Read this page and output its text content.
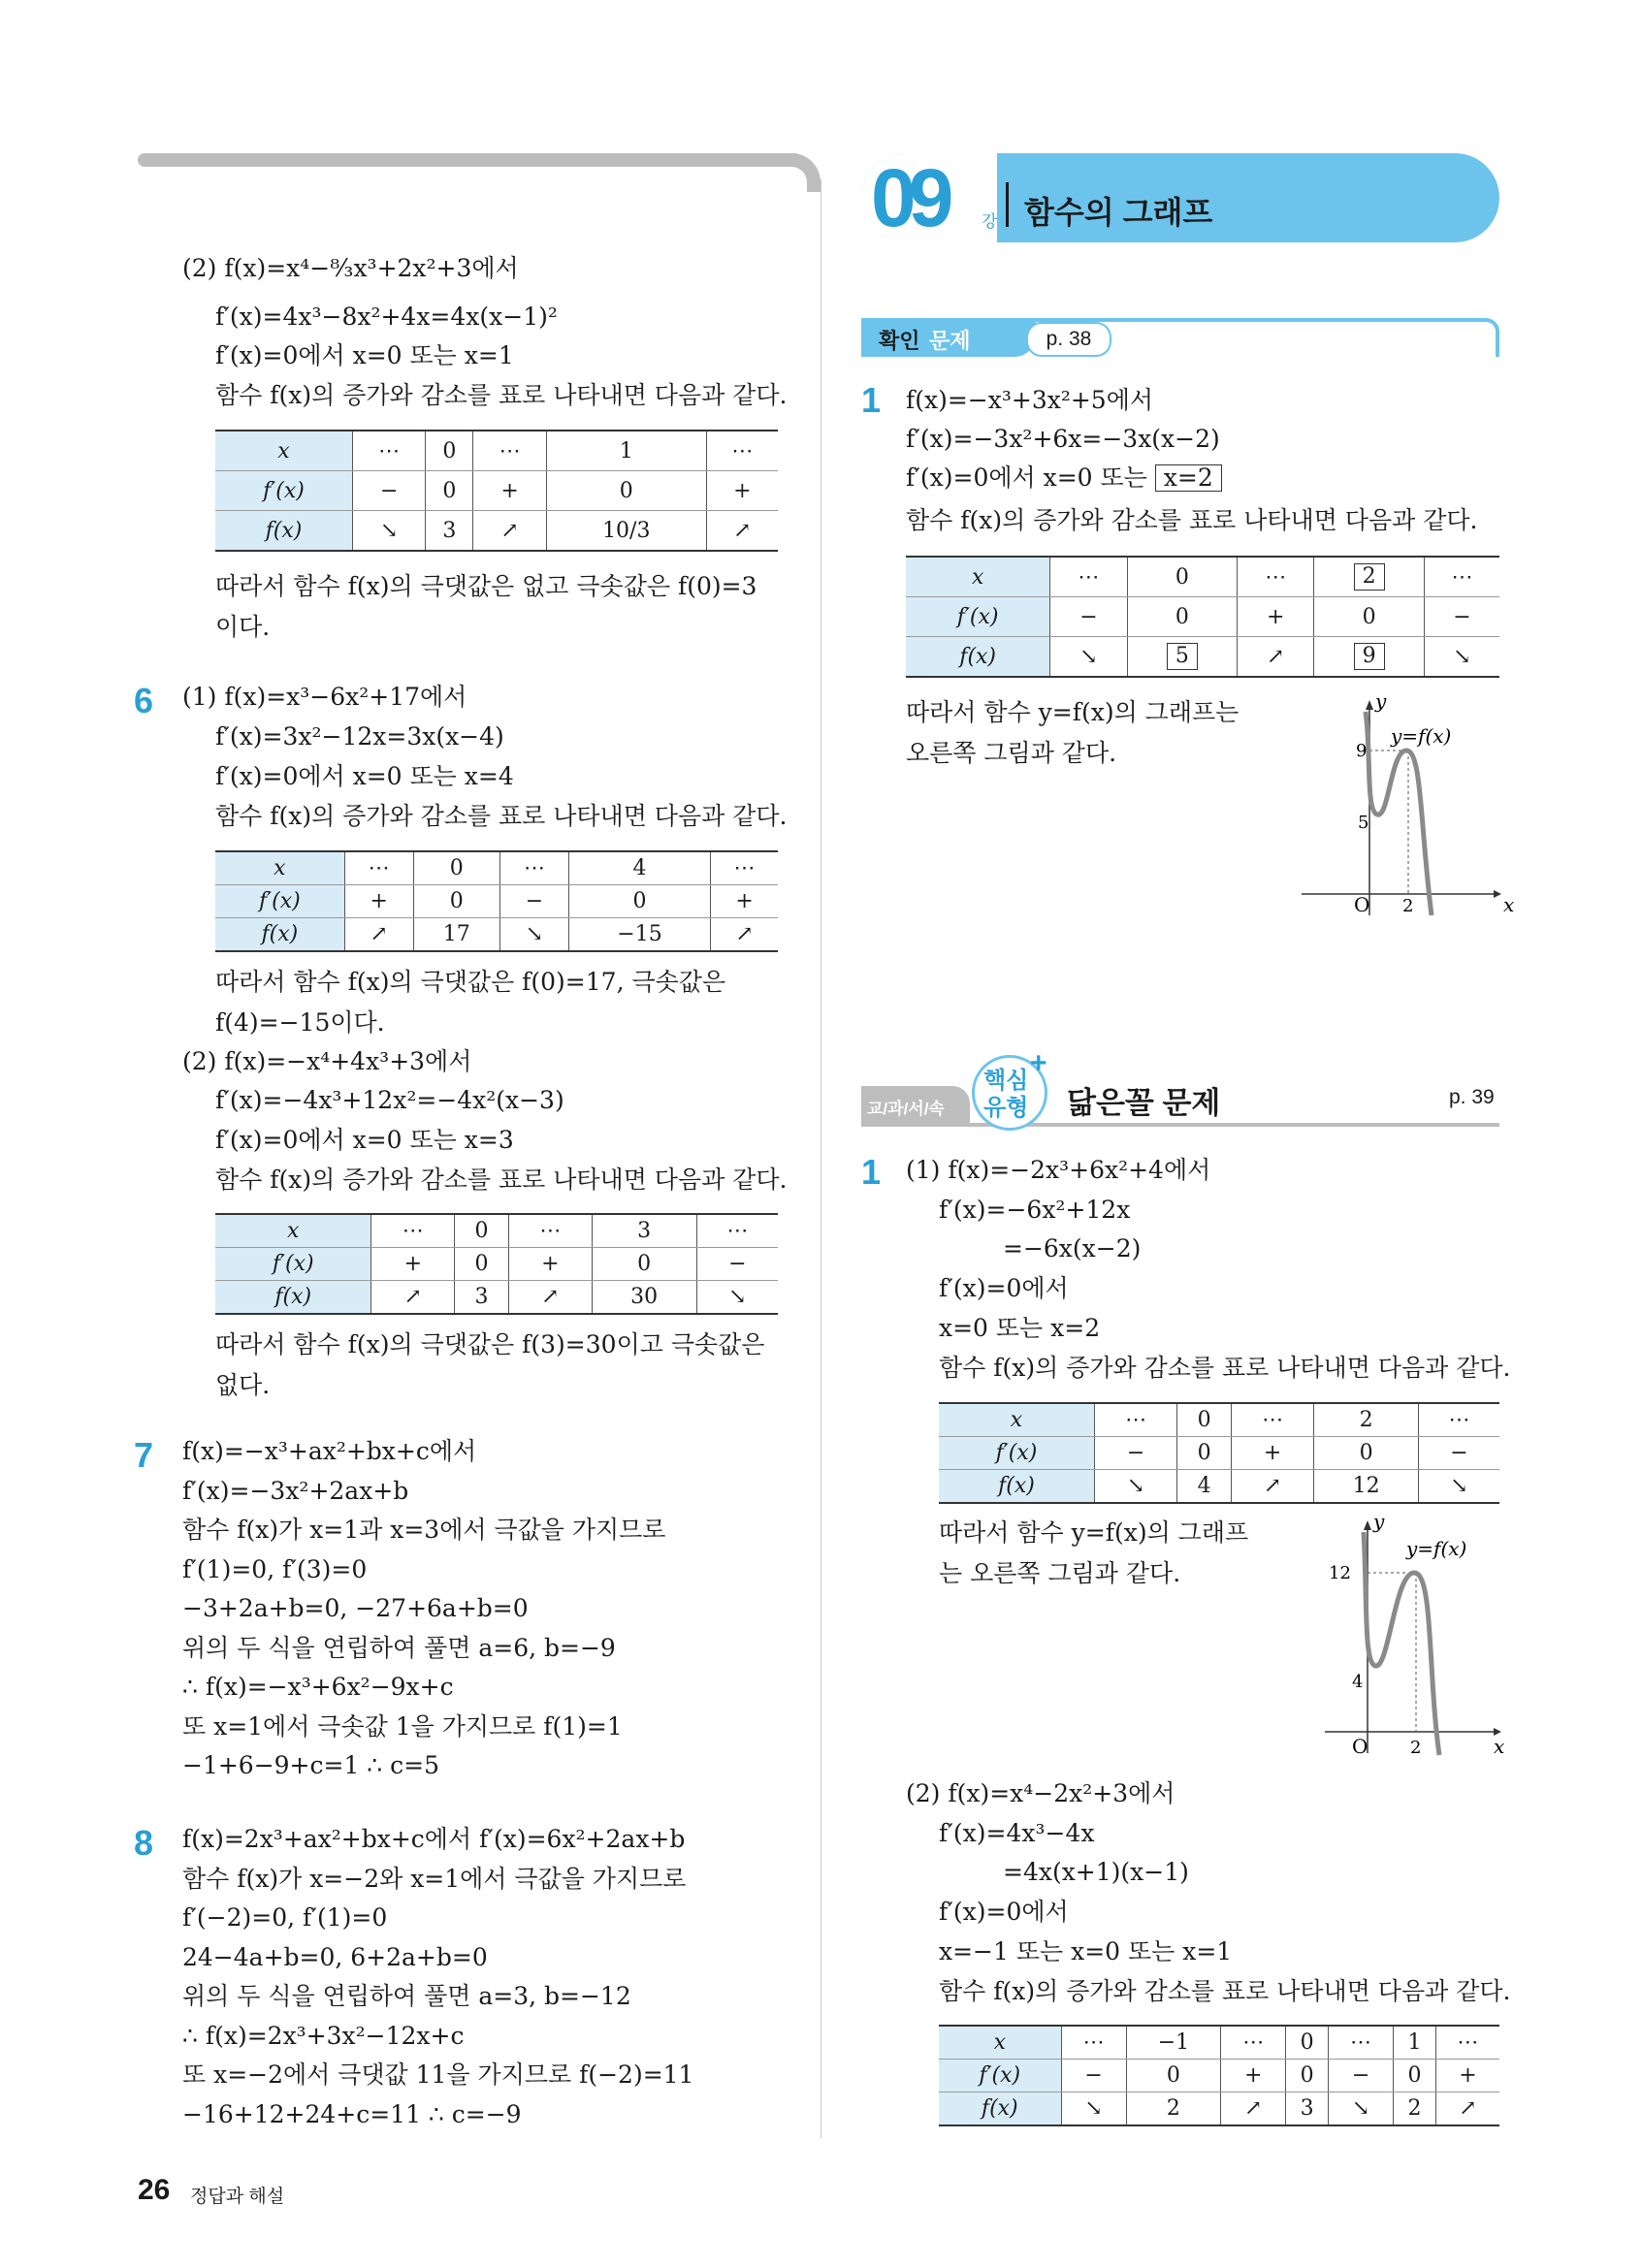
(2) f(x)=x⁴−⁸⁄₃x³+2x²+3에서
f′(x)=4x³−8x²+4x=4x(x−1)²
f′(x)=0에서 x=0 또는 x=1
함수 f(x)의 증가와 감소를 표로 나타내면 다음과 같다.
x	⋯	0	⋯	1	⋯
f′(x)	−	0	+	0	+
f(x)	↘	3	↗	10/3	↗
따라서 함수 f(x)의 극댓값은 없고 극솟값은 f(0)=3
이다.
6 (1) f(x)=x³−6x²+17에서
f′(x)=3x²−12x=3x(x−4)
f′(x)=0에서 x=0 또는 x=4
함수 f(x)의 증가와 감소를 표로 나타내면 다음과 같다.
x	⋯	0	⋯	4	⋯
f′(x)	+	0	−	0	+
f(x)	↗	17	↘	−15	↗
따라서 함수 f(x)의 극댓값은 f(0)=17, 극솟값은
f(4)=−15이다.
(2) f(x)=−x⁴+4x³+3에서
f′(x)=−4x³+12x²=−4x²(x−3)
f′(x)=0에서 x=0 또는 x=3
함수 f(x)의 증가와 감소를 표로 나타내면 다음과 같다.
x	⋯	0	⋯	3	⋯
f′(x)	+	0	+	0	−
f(x)	↗	3	↗	30	↘
따라서 함수 f(x)의 극댓값은 f(3)=30이고 극솟값은
없다.
7 f(x)=−x³+ax²+bx+c에서
f′(x)=−3x²+2ax+b
함수 f(x)가 x=1과 x=3에서 극값을 가지므로
f′(1)=0, f′(3)=0
−3+2a+b=0, −27+6a+b=0
위의 두 식을 연립하여 풀면 a=6, b=−9
∴ f(x)=−x³+6x²−9x+c
또 x=1에서 극솟값 1을 가지므로 f(1)=1
−1+6−9+c=1 ∴ c=5
8 f(x)=2x³+ax²+bx+c에서 f′(x)=6x²+2ax+b
함수 f(x)가 x=−2와 x=1에서 극값을 가지므로
f′(−2)=0, f′(1)=0
24−4a+b=0, 6+2a+b=0
위의 두 식을 연립하여 풀면 a=3, b=−12
∴ f(x)=2x³+3x²−12x+c
또 x=−2에서 극댓값 11을 가지므로 f(−2)=11
−16+12+24+c=11 ∴ c=−9
26 정답과 해설
09 강 함수의 그래프
확인 문제	p. 38
1 f(x)=−x³+3x²+5에서
f′(x)=−3x²+6x=−3x(x−2)
f′(x)=0에서 x=0 또는 x=2
함수 f(x)의 증가와 감소를 표로 나타내면 다음과 같다.
x	⋯	0	⋯	2	⋯
f′(x)	−	0	+	0	−
f(x)	↘	5	↗	9	↘
따라서 함수 y=f(x)의 그래프는
오른쪽 그림과 같다.
y
x
O
y=f(x)
9
5
2
교/과/서/속
핵심
유형
+
닮은꼴 문제	p. 39
1 (1) f(x)=−2x³+6x²+4에서
f′(x)=−6x²+12x
=−6x(x−2)
f′(x)=0에서
x=0 또는 x=2
함수 f(x)의 증가와 감소를 표로 나타내면 다음과 같다.
x	⋯	0	⋯	2	⋯
f′(x)	−	0	+	0	−
f(x)	↘	4	↗	12	↘
따라서 함수 y=f(x)의 그래프
는 오른쪽 그림과 같다.
y
x
O
y=f(x)
12
4
2
(2) f(x)=x⁴−2x²+3에서
f′(x)=4x³−4x
=4x(x+1)(x−1)
f′(x)=0에서
x=−1 또는 x=0 또는 x=1
함수 f(x)의 증가와 감소를 표로 나타내면 다음과 같다.
x	⋯	−1	⋯	0	⋯	1	⋯
f′(x)	−	0	+	0	−	0	+
f(x)	↘	2	↗	3	↘	2	↗
